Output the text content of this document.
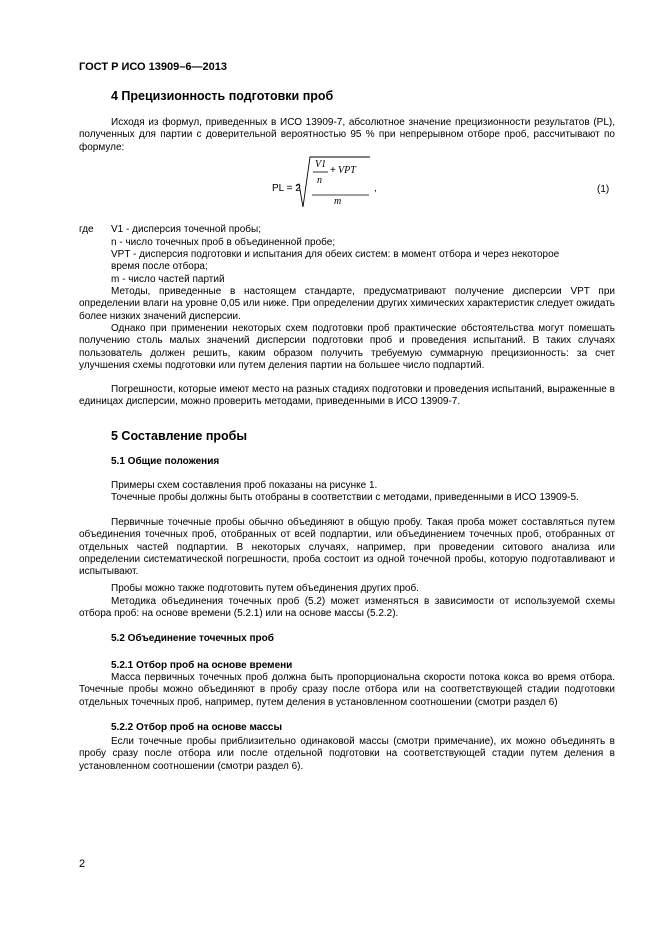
ГОСТ Р ИСО 13909–6—2013
4 Прецизионность подготовки проб

Исходя из формул, приведенных в ИСО 13909-7, абсолютное значение прецизионности результатов (PL), полученных для партии с доверительной вероятностью 95 % при непрерывном отборе проб, рассчитывают по формуле:

PL = 2
V1
+ VPT
n
m
,	(1)
где V1 - дисперсия точечной пробы;
n - число точечных проб в объединенной пробе;
VPT - дисперсия подготовки и испытания для обеих систем: в момент отбора и через некоторое
время после отбора;
m - число частей партий

Методы, приведенные в настоящем стандарте, предусматривают получение дисперсии VPT при определении влаги на уровне 0,05 или ниже. При определении других химических характеристик следует ожидать более низких значений дисперсии.

Однако при применении некоторых схем подготовки проб практические обстоятельства могут помешать получению столь малых значений дисперсии подготовки проб и проведения испытаний. В таких случаях пользователь должен решить, каким образом получить требуемую суммарную прецизионность: за счет улучшения схемы подготовки или путем деления партии на большее число подпартий.

Погрешности, которые имеют место на разных стадиях подготовки и проведения испытаний, выраженные в единицах дисперсии, можно проверить методами, приведенными в ИСО 13909-7.

5 Составление пробы
5.1 Общие положения

Примеры схем составления проб показаны на рисунке 1.

Точечные пробы должны быть отобраны в соответствии с методами, приведенными в ИСО 13909-5.

Первичные точечные пробы обычно объединяют в общую пробу. Такая проба может составляться путем объединения точечных проб, отобранных от всей подпартии, или объединением точечных проб, отобранных от отдельных частей подпартии. В некоторых случаях, например, при проведении ситового анализа или определении систематической погрешности, проба состоит из одной точечной пробы, которую подготавливают и испытывают.

Пробы можно также подготовить путем объединения других проб.

Методика объединения точечных проб (5.2) может изменяться в зависимости от используемой схемы отбора проб: на основе времени (5.2.1) или на основе массы (5.2.2).

5.2 Объединение точечных проб
5.2.1 Отбор проб на основе времени

Масса первичных точечных проб должна быть пропорциональна скорости потока кокса во время отбора. Точечные пробы можно объединяют в пробу сразу после отбора или на соответствующей стадии подготовки отдельных точечных проб, например, путем деления в установленном соотношении (смотри раздел 6)

5.2.2 Отбор проб на основе массы

Если точечные пробы приблизительно одинаковой массы (смотри примечание), их можно объединять в пробу сразу после отбора или после отдельной подготовки на соответствующей стадии путем деления в установленном соотношении (смотри раздел 6).

2
